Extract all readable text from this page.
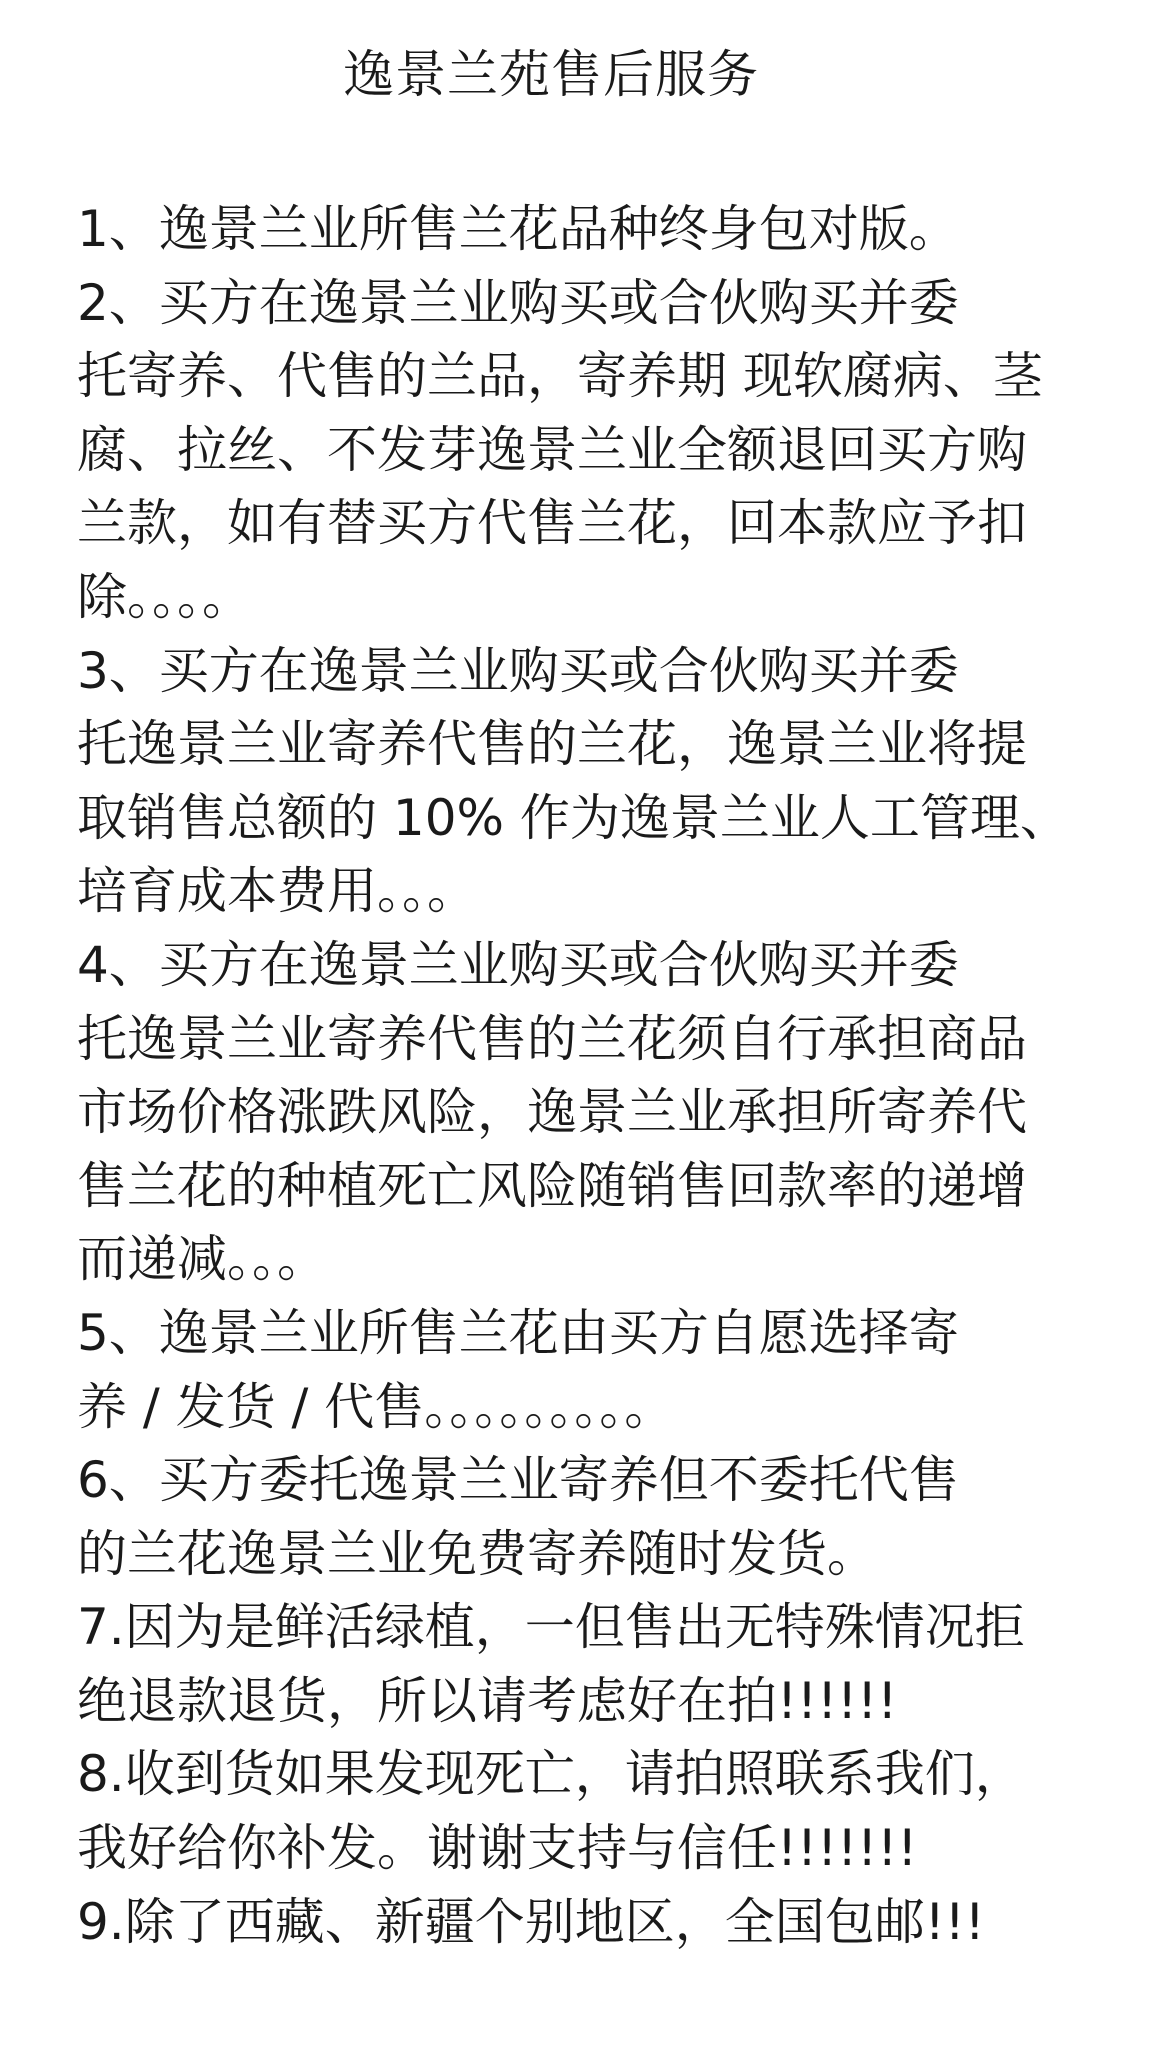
逸景兰苑售后服务
1、逸景兰业所售兰花品种终身包对版。
2、买方在逸景兰业购买或合伙购买并委
托寄养、代售的兰品，寄养期 现软腐病、茎
腐、拉丝、不发芽逸景兰业全额退回买方购
兰款，如有替买方代售兰花，回本款应予扣
除。。。。
3、买方在逸景兰业购买或合伙购买并委
托逸景兰业寄养代售的兰花，逸景兰业将提
取销售总额的 10% 作为逸景兰业人工管理、
培育成本费用。。。
4、买方在逸景兰业购买或合伙购买并委
托逸景兰业寄养代售的兰花须自行承担商品
市场价格涨跌风险，逸景兰业承担所寄养代
售兰花的种植死亡风险随销售回款率的递增
而递减。。。
5、逸景兰业所售兰花由买方自愿选择寄
养 / 发货 / 代售。。。。。。。。。
6、买方委托逸景兰业寄养但不委托代售
的兰花逸景兰业免费寄养随时发货。
7.因为是鲜活绿植，一但售出无特殊情况拒
绝退款退货，所以请考虑好在拍!!!!!!
8.收到货如果发现死亡，请拍照联系我们，
我好给你补发。谢谢支持与信任!!!!!!!
9.除了西藏、新疆个别地区，全国包邮!!!
